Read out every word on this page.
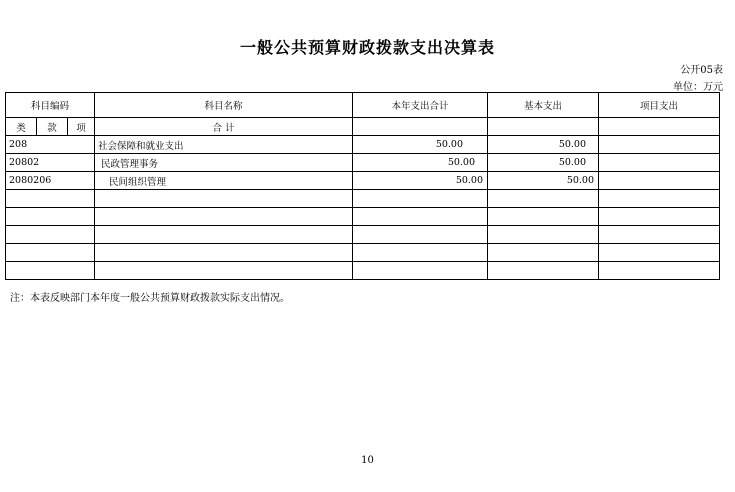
一般公共预算财政拨款支出决算表
公开05表
单位：万元
科目编码			科目名称	本年支出合计	基本支出	项目支出
类	款	项	合 计			
208			社会保障和就业支出	50.00	50.00	
20802			民政管理事务	50.00	50.00	
2080206			民间组织管理	50.00	50.00	

注：本表反映部门本年度一般公共预算财政拨款实际支出情况。
10
